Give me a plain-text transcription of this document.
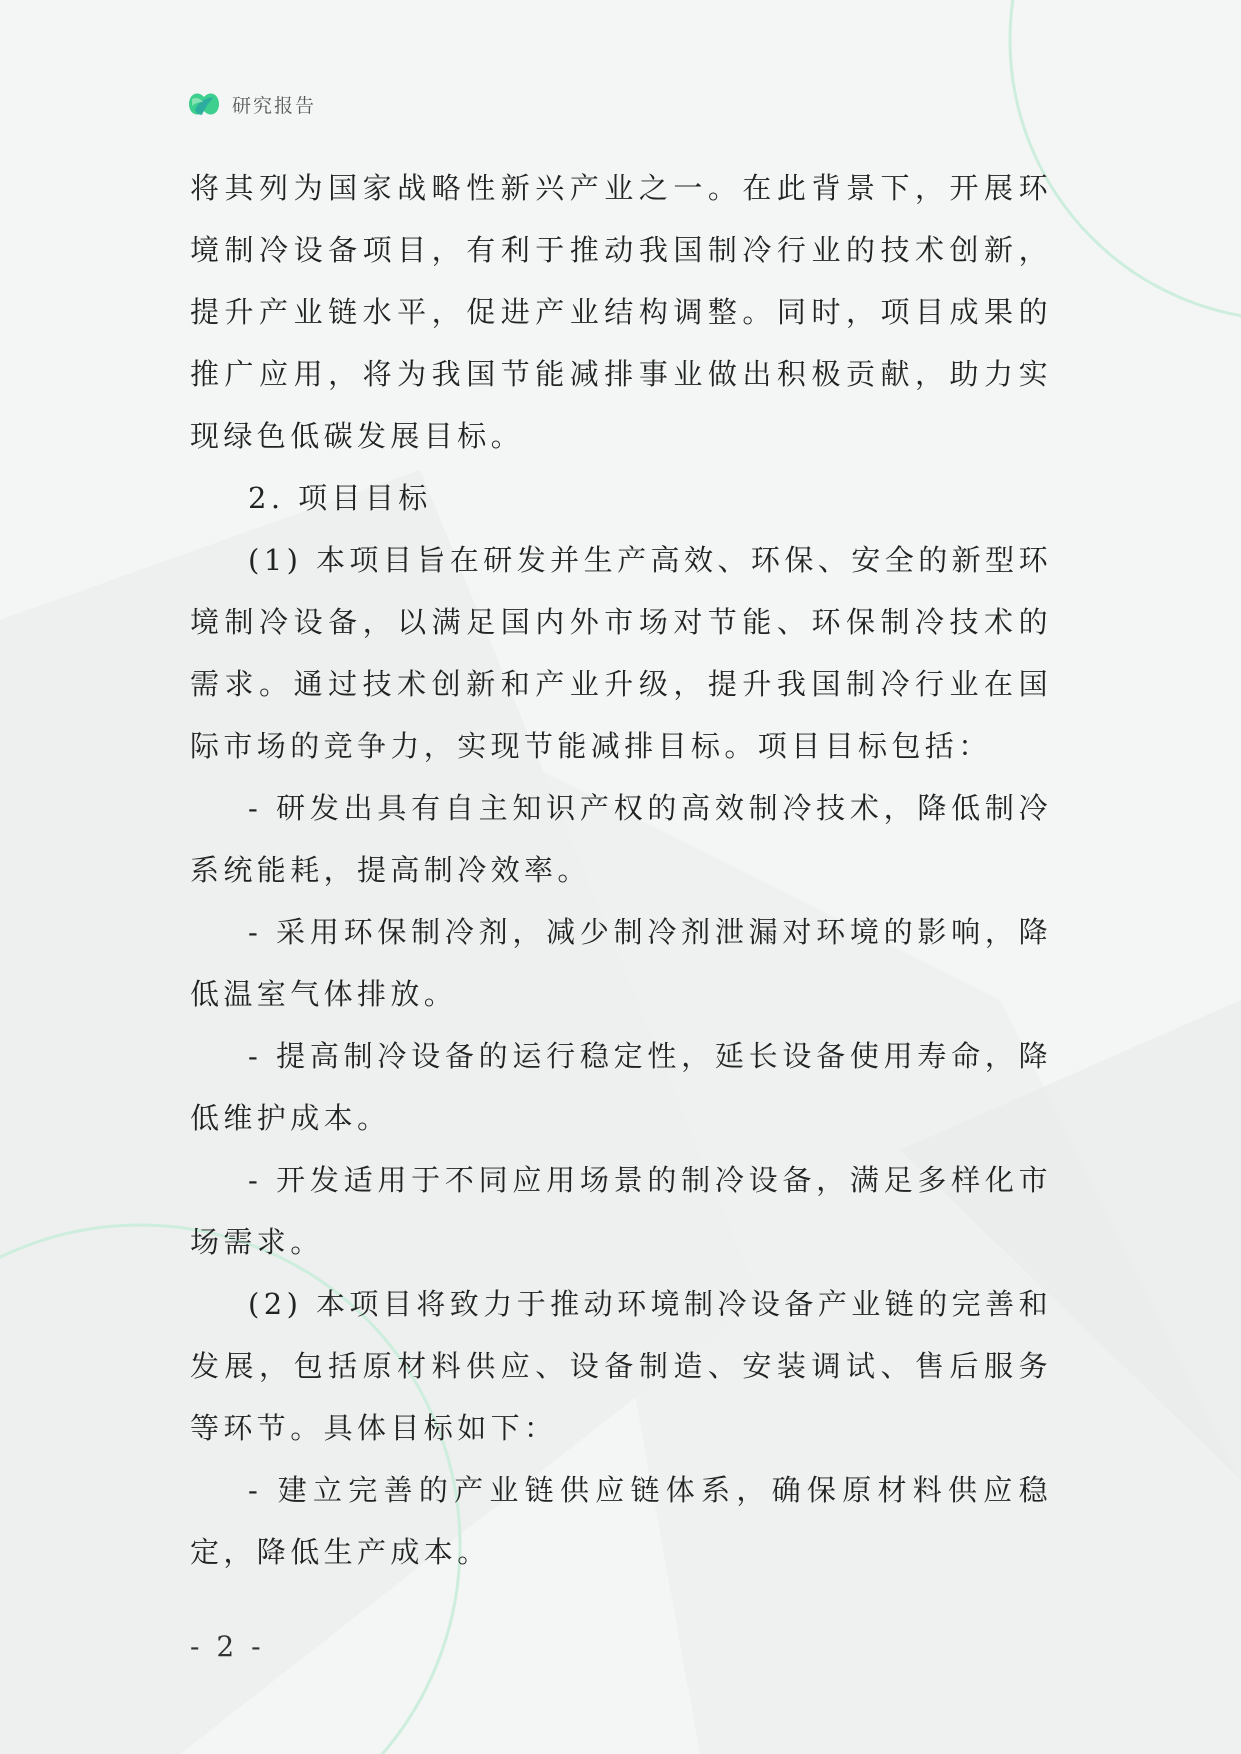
研究报告

将其列为国家战略性新兴产业之一。在此背景下，开展环境制冷设备项目，有利于推动我国制冷行业的技术创新，提升产业链水平，促进产业结构调整。同时，项目成果的推广应用，将为我国节能减排事业做出积极贡献，助力实现绿色低碳发展目标。

2. 项目目标

(1) 本项目旨在研发并生产高效、环保、安全的新型环境制冷设备，以满足国内外市场对节能、环保制冷技术的需求。通过技术创新和产业升级，提升我国制冷行业在国际市场的竞争力，实现节能减排目标。项目目标包括：

- 研发出具有自主知识产权的高效制冷技术，降低制冷系统能耗，提高制冷效率。

- 采用环保制冷剂，减少制冷剂泄漏对环境的影响，降低温室气体排放。

- 提高制冷设备的运行稳定性，延长设备使用寿命，降低维护成本。

- 开发适用于不同应用场景的制冷设备，满足多样化市场需求。

(2) 本项目将致力于推动环境制冷设备产业链的完善和发展，包括原材料供应、设备制造、安装调试、售后服务等环节。具体目标如下：

- 建立完善的产业链供应链体系，确保原材料供应稳定，降低生产成本。

- 2 -
